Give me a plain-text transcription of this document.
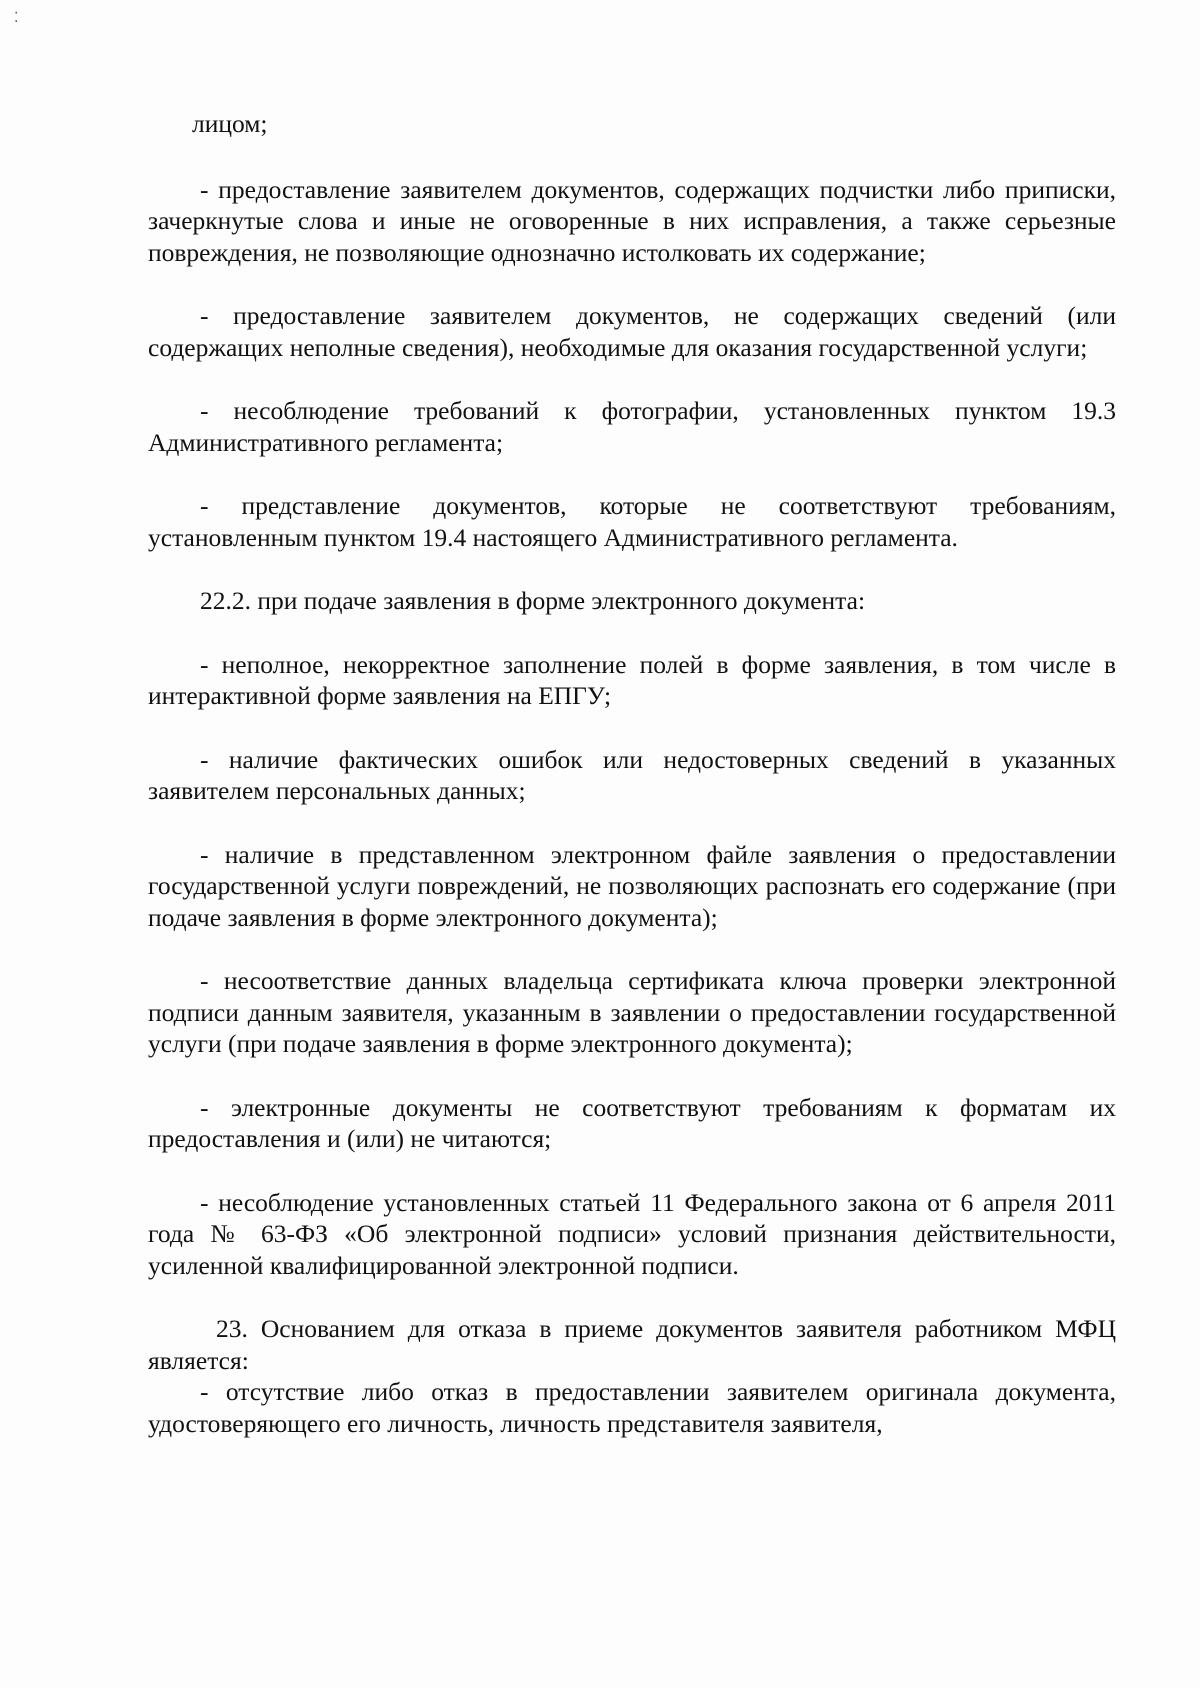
⁚

лицом;

- предоставление заявителем документов, содержащих подчистки либо приписки, зачеркнутые слова и иные не оговоренные в них исправления, а также серьезные повреждения, не позволяющие однозначно истолковать их содержание;

- предоставление заявителем документов, не содержащих сведений (или содержащих неполные сведения), необходимые для оказания государственной услуги;

- несоблюдение требований к фотографии, установленных пунктом 19.3 Административного регламента;

- представление документов, которые не соответствуют требованиям, установленным пунктом 19.4 настоящего Административного регламента.

22.2. при подаче заявления в форме электронного документа:

- неполное, некорректное заполнение полей в форме заявления, в том числе в интерактивной форме заявления на ЕПГУ;

- наличие фактических ошибок или недостоверных сведений в указанных заявителем персональных данных;

- наличие в представленном электронном файле заявления о предоставлении государственной услуги повреждений, не позволяющих распознать его содержание (при подаче заявления в форме электронного документа);

- несоответствие данных владельца сертификата ключа проверки электронной подписи данным заявителя, указанным в заявлении о предоставлении государственной услуги (при подаче заявления в форме электронного документа);

- электронные документы не соответствуют требованиям к форматам их предоставления и (или) не читаются;

- несоблюдение установленных статьей 11 Федерального закона от 6 апреля 2011 года № 63-ФЗ «Об электронной подписи» условий признания действительности, усиленной квалифицированной электронной подписи.

23. Основанием для отказа в приеме документов заявителя работником МФЦ является:

- отсутствие либо отказ в предоставлении заявителем оригинала документа, удостоверяющего его личность, личность представителя заявителя,
